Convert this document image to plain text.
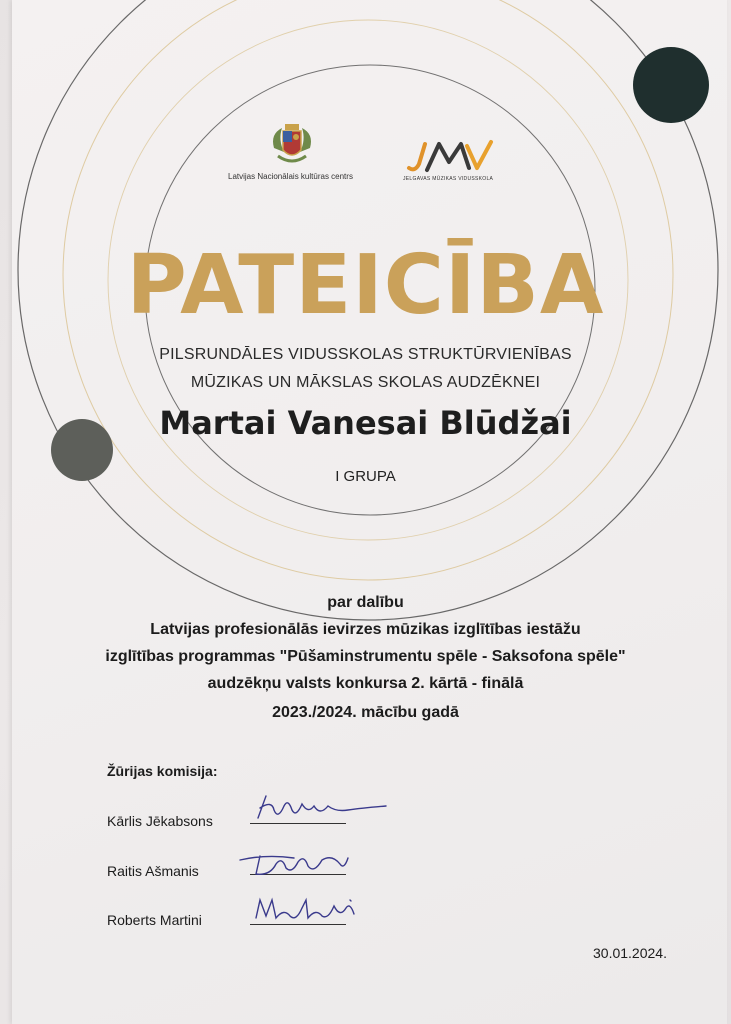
Latvijas Nacionālais kultūras centrs	JELGAVAS MŪZIKAS VIDUSSKOLA
PATEICĪBA
PILSRUNDĀLES VIDUSSKOLAS STRUKTŪRVIENĪBAS
MŪZIKAS UN MĀKSLAS SKOLAS AUDZĒKNEI
Martai Vanesai Blūdžai
I GRUPA
par dalību
Latvijas profesionālās ievirzes mūzikas izglītības iestāžu
izglītības programmas "Pūšaminstrumentu spēle - Saksofona spēle"
audzēkņu valsts konkursa 2. kārtā - finālā
2023./2024. mācību gadā
Žūrijas komisija:
Kārlis Jēkabsons
Raitis Ašmanis
Roberts Martini
30.01.2024.
